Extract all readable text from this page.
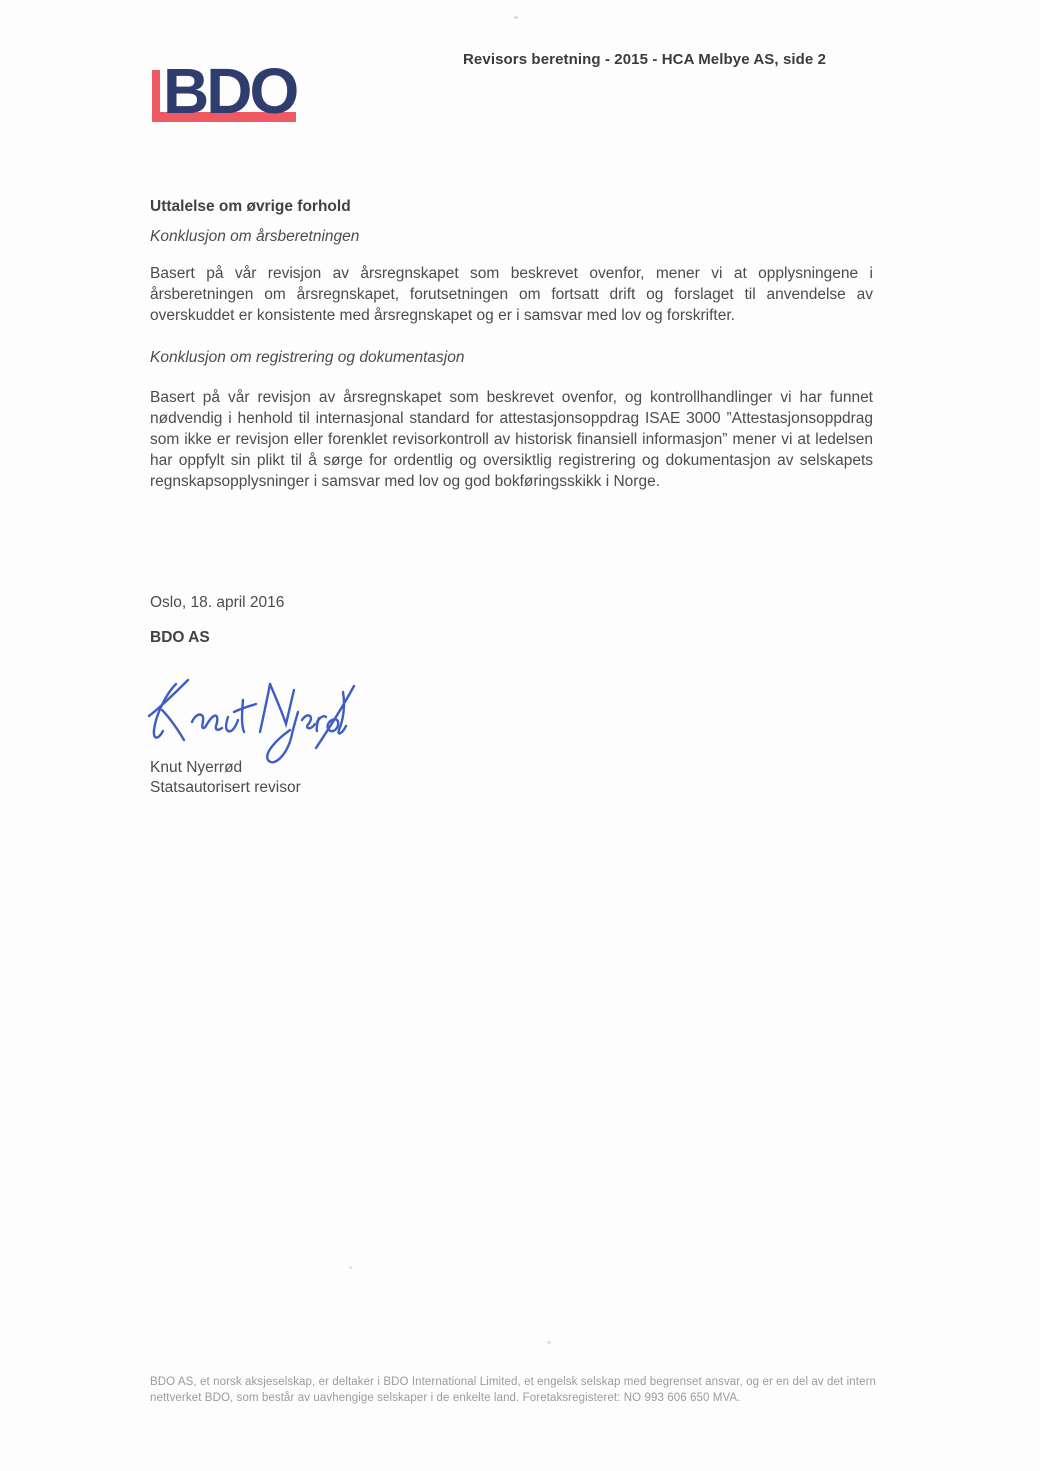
BDO	Revisors beretning - 2015 - HCA Melbye AS, side 2
Uttalelse om øvrige forhold
Konklusjon om årsberetningen
Basert på vår revisjon av årsregnskapet som beskrevet ovenfor, mener vi at opplysningene i årsberetningen om årsregnskapet, forutsetningen om fortsatt drift og forslaget til anvendelse av overskuddet er konsistente med årsregnskapet og er i samsvar med lov og forskrifter.
Konklusjon om registrering og dokumentasjon
Basert på vår revisjon av årsregnskapet som beskrevet ovenfor, og kontrollhandlinger vi har funnet nødvendig i henhold til internasjonal standard for attestasjonsoppdrag ISAE 3000 ”Attestasjonsoppdrag som ikke er revisjon eller forenklet revisorkontroll av historisk finansiell informasjon” mener vi at ledelsen har oppfylt sin plikt til å sørge for ordentlig og oversiktlig registrering og dokumentasjon av selskapets regnskapsopplysninger i samsvar med lov og god bokføringsskikk i Norge.
Oslo, 18. april 2016
BDO AS
Knut Nyerrød
Statsautorisert revisor
BDO AS, et norsk aksjeselskap, er deltaker i BDO International Limited, et engelsk selskap med begrenset ansvar, og er en del av det intern
nettverket BDO, som består av uavhengige selskaper i de enkelte land. Foretaksregisteret: NO 993 606 650 MVA.
